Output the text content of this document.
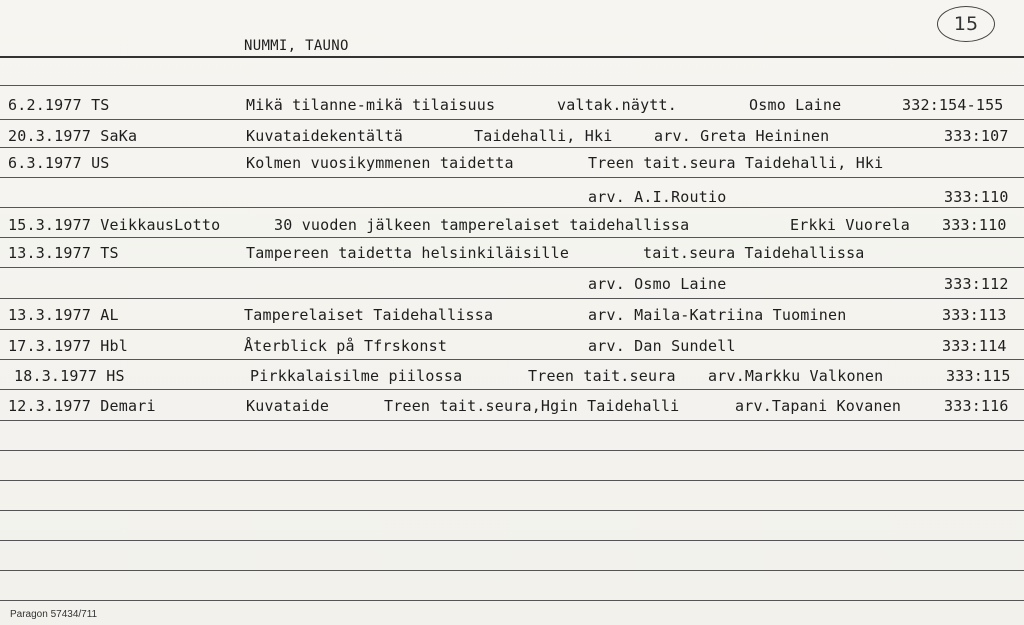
15
NUMMI, TAUNO
6.2.1977 TS	Mikä tilanne-mikä tilaisuus	valtak.näytt.	Osmo Laine	332:154-155
20.3.1977 SaKa	Kuvataidekentältä	Taidehalli, Hki	arv. Greta Heininen	333:107
6.3.1977 US	Kolmen vuosikymmenen taidetta	Treen tait.seura Taidehalli, Hki
arv. A.I.Routio	333:110
15.3.1977 VeikkausLotto	30 vuoden jälkeen tamperelaiset taidehallissa	Erkki Vuorela 333:110
13.3.1977 TS	Tampereen taidetta helsinkiläisille	tait.seura Taidehallissa
arv. Osmo Laine	333:112
13.3.1977 AL	Tamperelaiset Taidehallissa	arv. Maila-Katriina Tuominen	333:113
17.3.1977 Hbl	Återblick på Tfrskonst	arv. Dan Sundell	333:114
18.3.1977 HS	Pirkkalaisilme piilossa	Treen tait.seura arv.Markku Valkonen	333:115
12.3.1977 Demari	Kuvataide	Treen tait.seura,Hgin Taidehalli	arv.Tapani Kovanen	333:116
Paragon 57434/711
